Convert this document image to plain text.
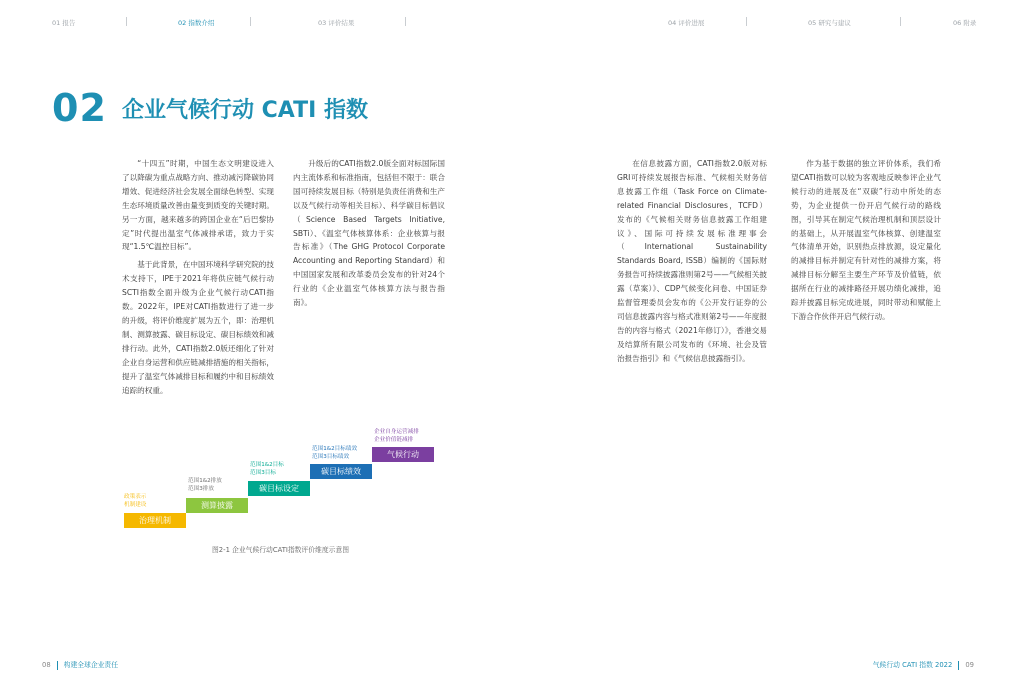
01 报告	02 指数介绍	03 评价结果	04 评价进展	05 研究与建议	06 附录
02 企业气候行动 CATI 指数

“十四五”时期，中国生态文明建设进入了以降碳为重点战略方向、推动减污降碳协同增效、促进经济社会发展全面绿色转型、实现生态环境质量改善由量变到质变的关键时期。另一方面，越来越多的跨国企业在“后巴黎协定”时代提出温室气体减排承诺，致力于实现“1.5℃温控目标”。

基于此背景，在中国环境科学研究院的技术支持下，IPE于2021年将供应链气候行动SCTI指数全面升级为企业气候行动CATI指数。2022年，IPE对CATI指数进行了进一步的升级，将评价维度扩展为五个，即：治理机制、测算披露、碳目标设定、碳目标绩效和减排行动。此外，CATI指数2.0版还细化了针对企业自身运营和供应链减排措施的相关指标，提升了温室气体减排目标和履约中和目标绩效追踪的权重。

升级后的CATI指数2.0版全面对标国际国内主流体系和标准指南，包括但不限于：联合国可持续发展目标（特别是负责任消费和生产以及气候行动等相关目标）、科学碳目标倡议（Science Based Targets Initiative, SBTi）、《温室气体核算体系：企业核算与报告标准》（The GHG Protocol Corporate Accounting and Reporting Standard）和中国国家发展和改革委员会发布的针对24个行业的《企业温室气体核算方法与报告指南》。

在信息披露方面，CATI指数2.0版对标GRI可持续发展报告标准、气候相关财务信息披露工作组（Task Force on Climate-related Financial Disclosures，TCFD）发布的《气候相关财务信息披露工作组建议》、国际可持续发展标准理事会（International Sustainability Standards Board, ISSB）编制的《国际财务报告可持续披露准则第2号——气候相关披露（草案）》、CDP气候变化问卷、中国证券监督管理委员会发布的《公开发行证券的公司信息披露内容与格式准则第2号——年度报告的内容与格式（2021年修订）》，香港交易及结算所有限公司发布的《环境、社会及管治报告指引》和《气候信息披露指引》。

作为基于数据的独立评价体系，我们希望CATI指数可以较为客观地反映参评企业气候行动的进展及在“双碳”行动中所处的态势，为企业提供一份开启气候行动的路线图，引导其在制定气候治理机制和顶层设计的基础上，从开展温室气体核算、创建温室气体清单开始，识别热点排放源，设定量化的减排目标并制定有针对性的减排方案，将减排目标分解至主要生产环节及价值链，依据所在行业的减排路径开展功绩化减排，追踪并披露目标完成进展，同时带动和赋能上下游合作伙伴开启气候行动。

治理机制
测算披露
碳目标设定
碳目标绩效
气候行动
政策表示
机制建设
范围1&2排放
范围3排放
范围1&2目标
范围3目标
范围1&2目标绩效
范围3目标绩效
企业自身运营减排
企业价值链减排
图2-1 企业气候行动CATI指数评价维度示意图
08 构建全球企业责任	气候行动 CATI 指数 2022 09
